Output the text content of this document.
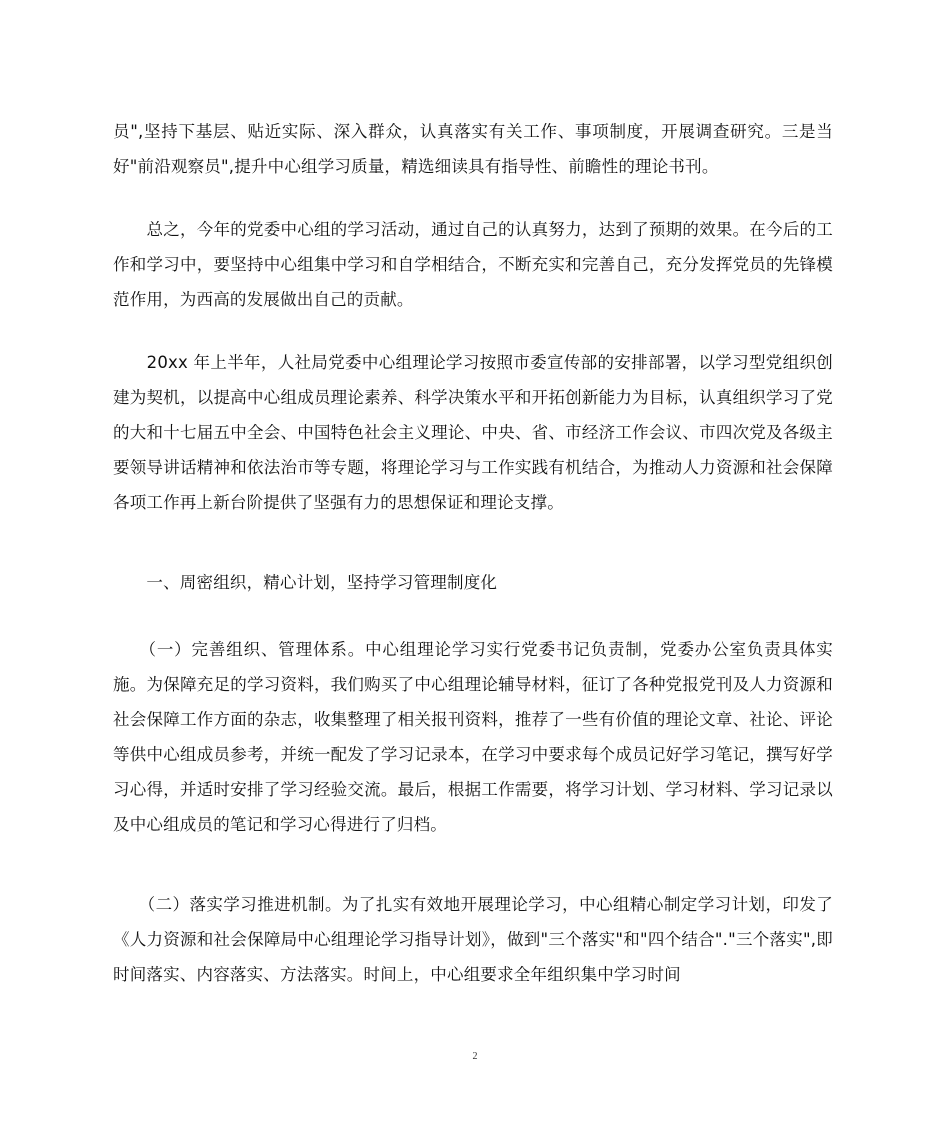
员",坚持下基层、贴近实际、深入群众，认真落实有关工作、事项制度，开展调查研究。三是当好"前沿观察员",提升中心组学习质量，精选细读具有指导性、前瞻性的理论书刊。

　　总之，今年的党委中心组的学习活动，通过自己的认真努力，达到了预期的效果。在今后的工作和学习中，要坚持中心组集中学习和自学相结合，不断充实和完善自己，充分发挥党员的先锋模范作用，为西高的发展做出自己的贡献。

　　20xx 年上半年，人社局党委中心组理论学习按照市委宣传部的安排部署，以学习型党组织创建为契机，以提高中心组成员理论素养、科学决策水平和开拓创新能力为目标，认真组织学习了党的大和十七届五中全会、中国特色社会主义理论、中央、省、市经济工作会议、市四次党及各级主要领导讲话精神和依法治市等专题，将理论学习与工作实践有机结合，为推动人力资源和社会保障各项工作再上新台阶提供了坚强有力的思想保证和理论支撑。

　　一、周密组织，精心计划，坚持学习管理制度化

　　（一）完善组织、管理体系。中心组理论学习实行党委书记负责制，党委办公室负责具体实施。为保障充足的学习资料，我们购买了中心组理论辅导材料，征订了各种党报党刊及人力资源和社会保障工作方面的杂志，收集整理了相关报刊资料，推荐了一些有价值的理论文章、社论、评论等供中心组成员参考，并统一配发了学习记录本，在学习中要求每个成员记好学习笔记，撰写好学习心得，并适时安排了学习经验交流。最后，根据工作需要，将学习计划、学习材料、学习记录以及中心组成员的笔记和学习心得进行了归档。

　　（二）落实学习推进机制。为了扎实有效地开展理论学习，中心组精心制定学习计划，印发了《人力资源和社会保障局中心组理论学习指导计划》，做到"三个落实"和"四个结合"."三个落实",即时间落实、内容落实、方法落实。时间上，中心组要求全年组织集中学习时间

2
